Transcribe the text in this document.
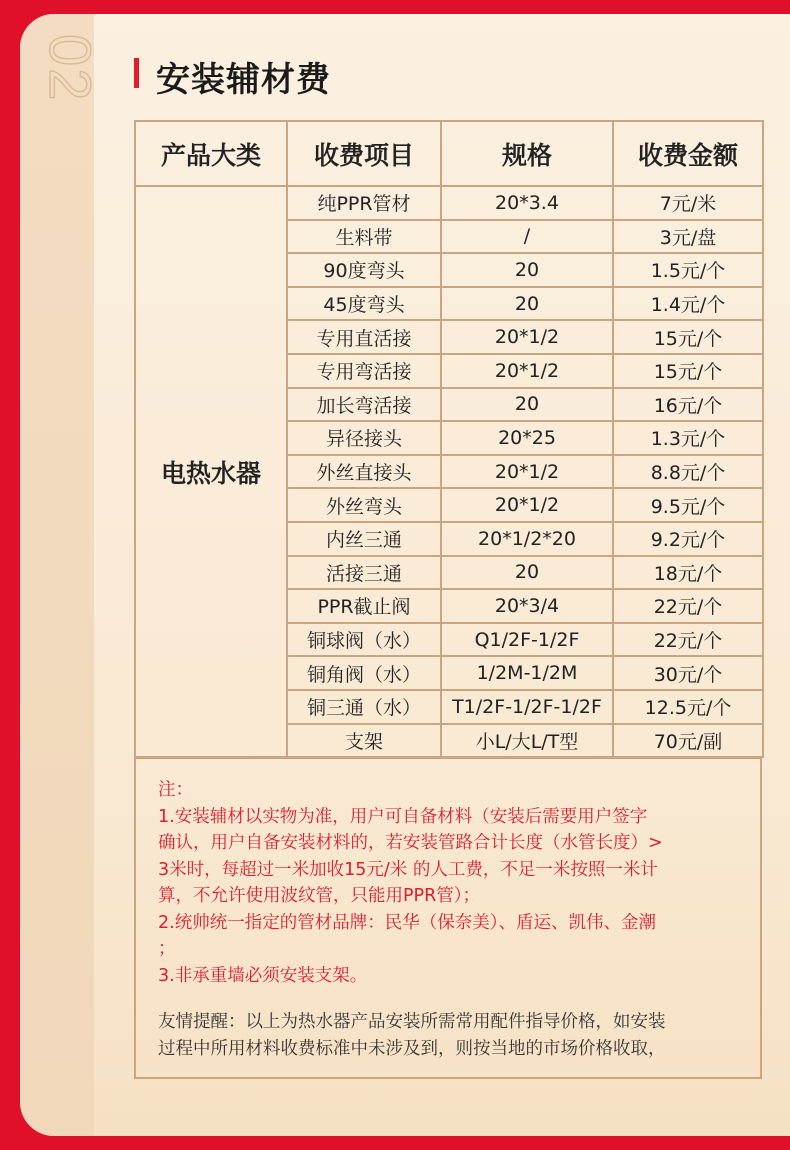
02 安装辅材费
产品大类	收费项目	规格	收费金额
电热水器	纯PPR管材	20*3.4	7元/米
	生料带	/	3元/盘
	90度弯头	20	1.5元/个
	45度弯头	20	1.4元/个
	专用直活接	20*1/2	15元/个
	专用弯活接	20*1/2	15元/个
	加长弯活接	20	16元/个
	异径接头	20*25	1.3元/个
	外丝直接头	20*1/2	8.8元/个
	外丝弯头	20*1/2	9.5元/个
	内丝三通	20*1/2*20	9.2元/个
	活接三通	20	18元/个
	PPR截止阀	20*3/4	22元/个
	铜球阀（水）	Q1/2F-1/2F	22元/个
	铜角阀（水）	1/2M-1/2M	30元/个
	铜三通（水）	T1/2F-1/2F-1/2F	12.5元/个
	支架	小L/大L/T型	70元/副

注：

1.安装辅材以实物为准，用户可自备材料（安装后需要用户签字

确认，用户自备安装材料的，若安装管路合计长度（水管长度）>

3米时，每超过一米加收15元/米 的人工费，不足一米按照一米计

算，不允许使用波纹管，只能用PPR管）；

2.统帅统一指定的管材品牌：民华（保奈美）、盾运、凯伟、金潮

；

3.非承重墙必须安装支架。

友情提醒：以上为热水器产品安装所需常用配件指导价格，如安装

过程中所用材料收费标准中未涉及到，则按当地的市场价格收取，
